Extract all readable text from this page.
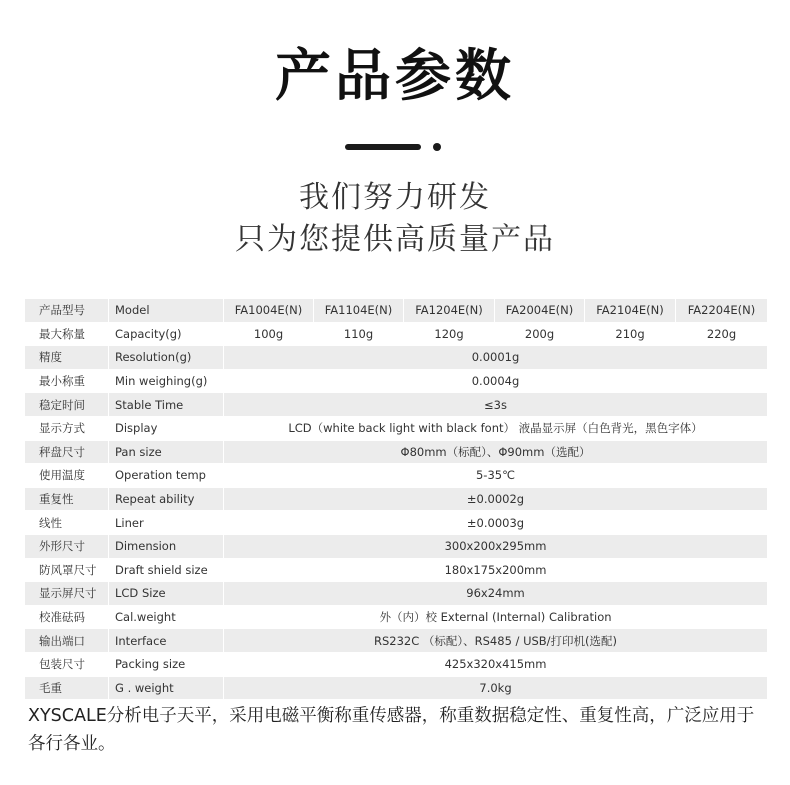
产品参数
我们努力研发
只为您提供高质量产品
产品型号	Model	FA1004E(N)	FA1104E(N)	FA1204E(N)	FA2004E(N)	FA2104E(N)	FA2204E(N)
最大称量	Capacity(g)	100g	110g	120g	200g	210g	220g
精度	Resolution(g)	0.0001g					
最小称重	Min weighing(g)	0.0004g					
稳定时间	Stable Time	≤3s					
显示方式	Display	LCD（white back light with black font） 液晶显示屏（白色背光，黑色字体）					
秤盘尺寸	Pan size	Φ80mm（标配）、Φ90mm（选配）					
使用温度	Operation temp	5-35℃					
重复性	Repeat ability	±0.0002g					
线性	Liner	±0.0003g					
外形尺寸	Dimension	300x200x295mm					
防风罩尺寸	Draft shield size	180x175x200mm					
显示屏尺寸	LCD Size	96x24mm					
校准砝码	Cal.weight	外（内）校 External (Internal) Calibration					
输出端口	Interface	RS232C （标配）、RS485 / USB/打印机(选配)					
包装尺寸	Packing size	425x320x415mm					
毛重	G . weight	7.0kg					
XYSCALE分析电子天平，采用电磁平衡称重传感器，称重数据稳定性、重复性高，广泛应用于各行各业。
